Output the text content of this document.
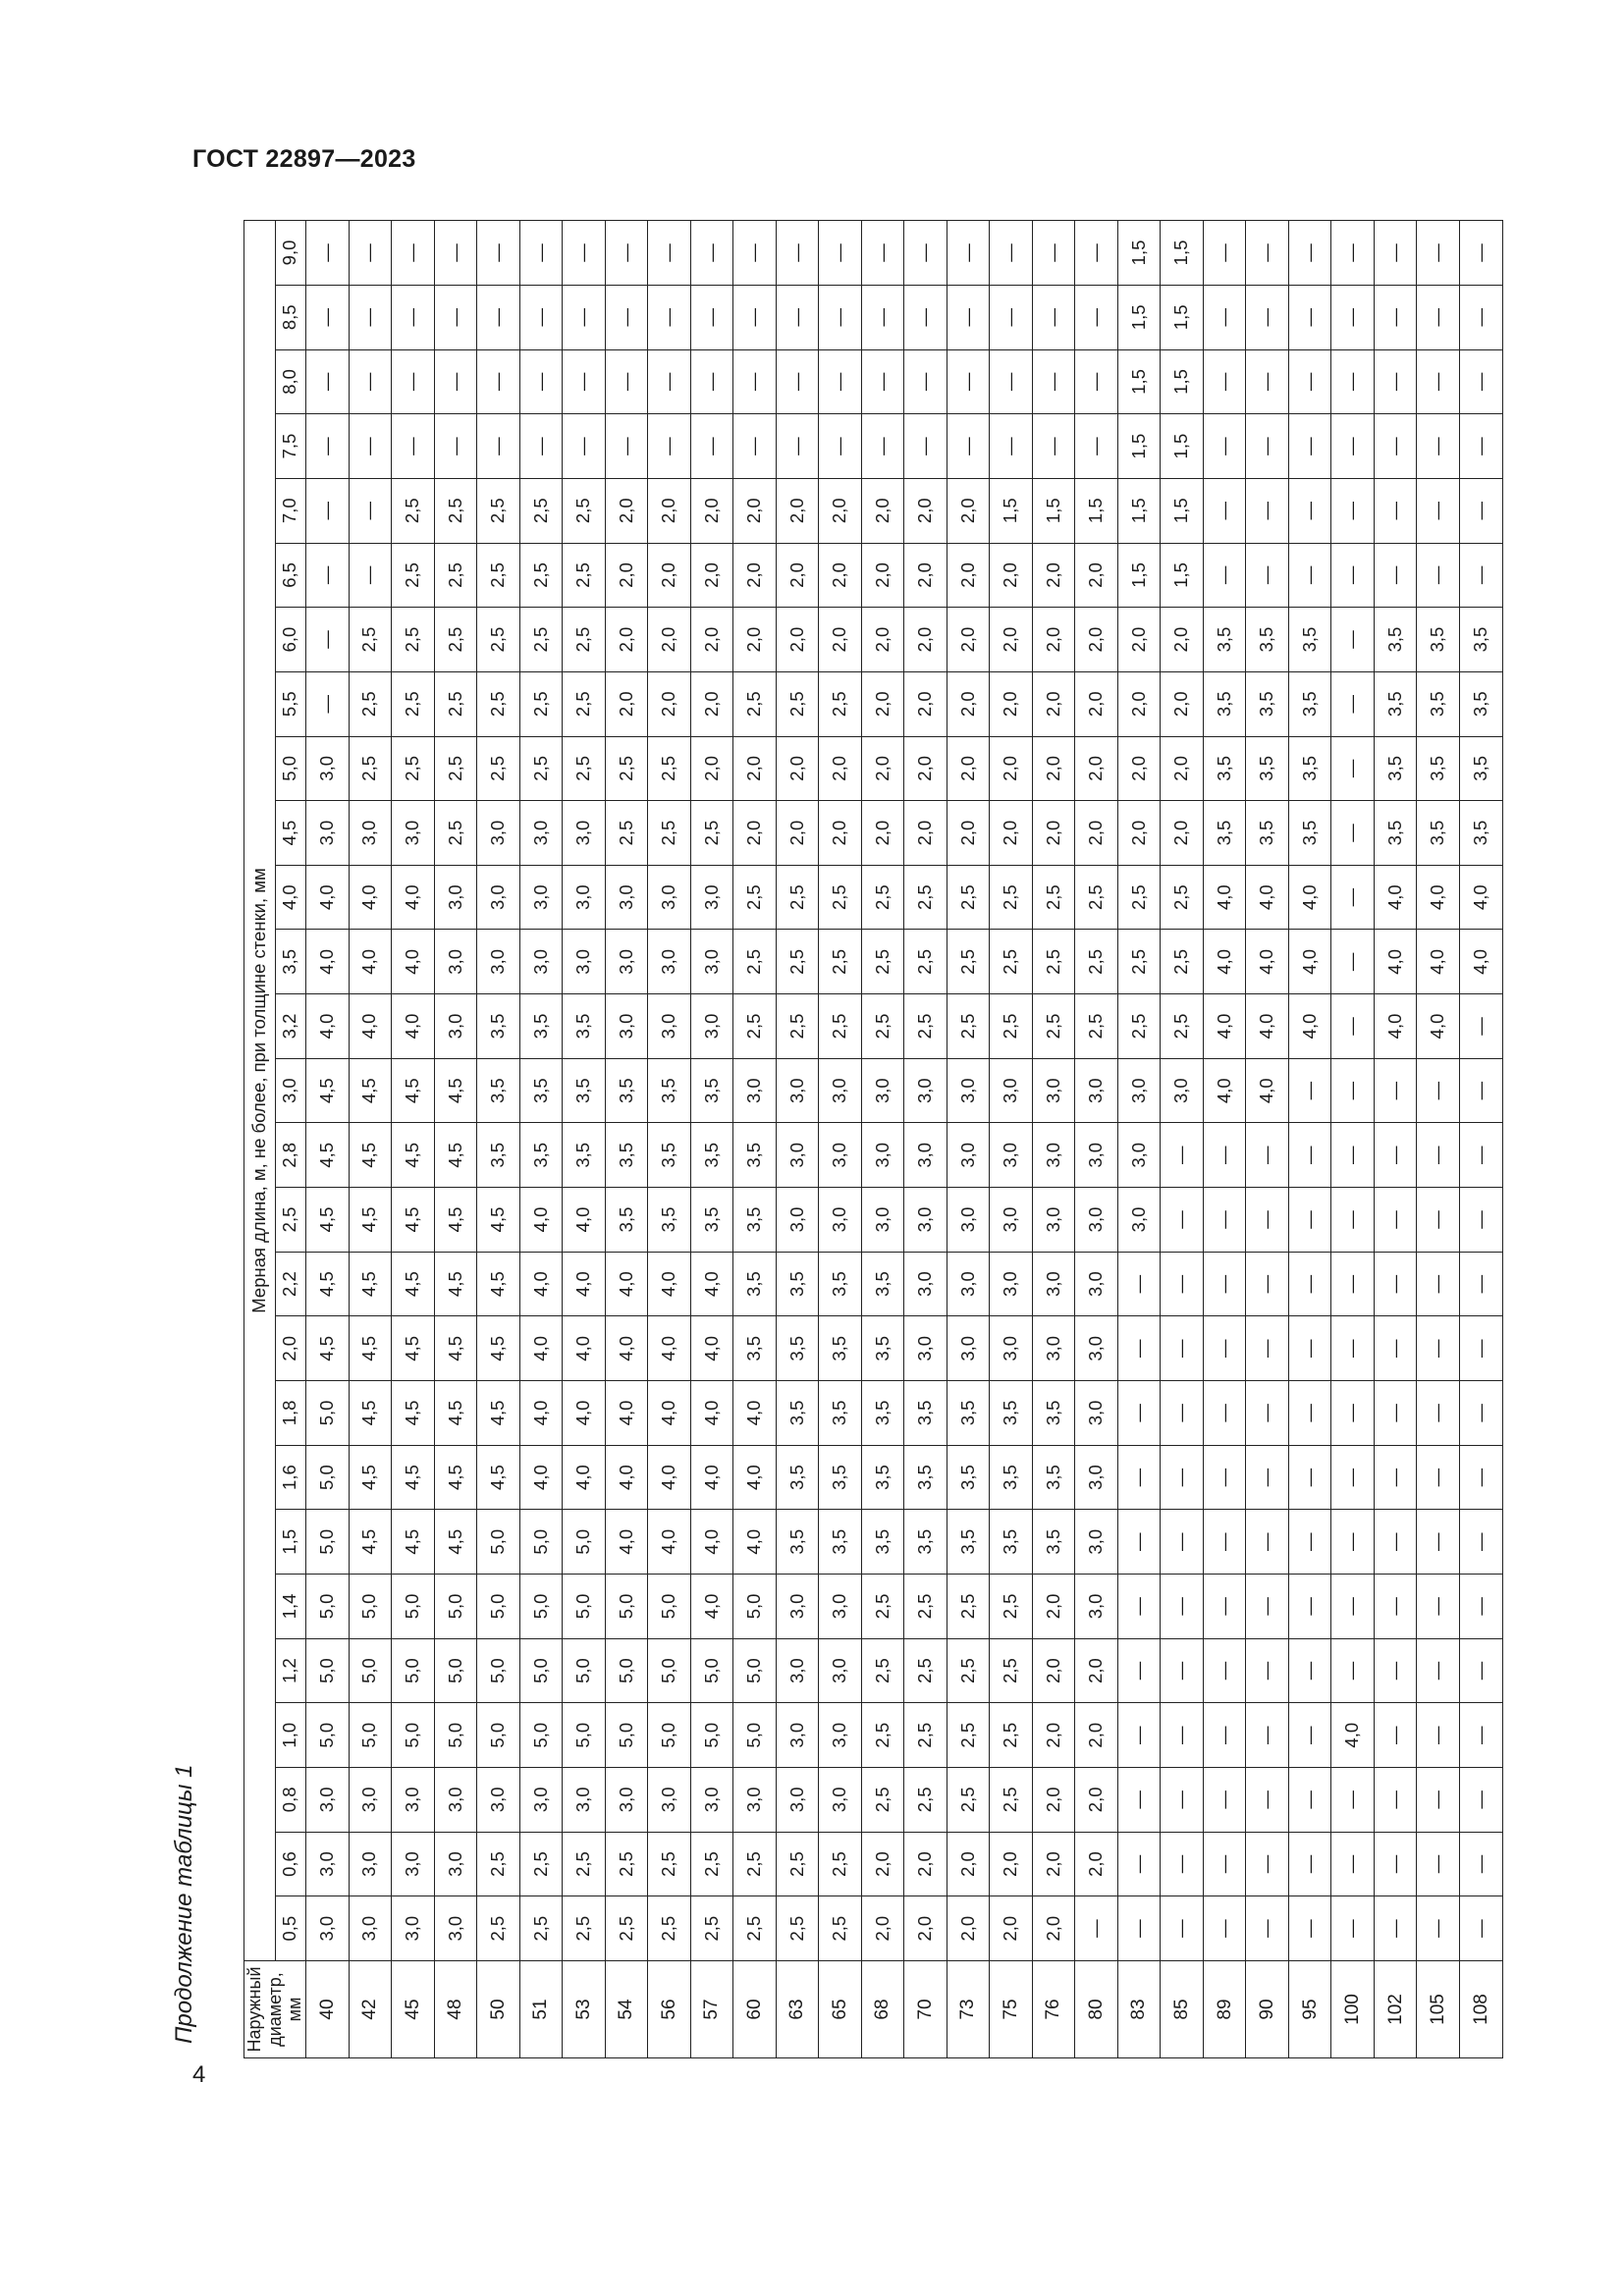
ГОСТ 22897—2023
Продолжение таблицы 1
4
Наружный диаметр, мм	Мерная длина, м, не более, при толщине стенки, мм																										
	0,5	0,6	0,8	1,0	1,2	1,4	1,5	1,6	1,8	2,0	2,2	2,5	2,8	3,0	3,2	3,5	4,0	4,5	5,0	5,5	6,0	6,5	7,0	7,5	8,0	8,5	9,0
40	3,0	3,0	3,0	5,0	5,0	5,0	5,0	5,0	5,0	4,5	4,5	4,5	4,5	4,5	4,0	4,0	4,0	3,0	3,0	—	—	—	—	—	—	—	—
42	3,0	3,0	3,0	5,0	5,0	5,0	4,5	4,5	4,5	4,5	4,5	4,5	4,5	4,5	4,0	4,0	4,0	3,0	2,5	2,5	2,5	—	—	—	—	—	—
45	3,0	3,0	3,0	5,0	5,0	5,0	4,5	4,5	4,5	4,5	4,5	4,5	4,5	4,5	4,0	4,0	4,0	3,0	2,5	2,5	2,5	2,5	2,5	—	—	—	—
48	3,0	3,0	3,0	5,0	5,0	5,0	4,5	4,5	4,5	4,5	4,5	4,5	4,5	4,5	3,0	3,0	3,0	2,5	2,5	2,5	2,5	2,5	2,5	—	—	—	—
50	2,5	2,5	3,0	5,0	5,0	5,0	5,0	4,5	4,5	4,5	4,5	4,5	3,5	3,5	3,5	3,0	3,0	3,0	2,5	2,5	2,5	2,5	2,5	—	—	—	—
51	2,5	2,5	3,0	5,0	5,0	5,0	5,0	4,0	4,0	4,0	4,0	4,0	3,5	3,5	3,5	3,0	3,0	3,0	2,5	2,5	2,5	2,5	2,5	—	—	—	—
53	2,5	2,5	3,0	5,0	5,0	5,0	5,0	4,0	4,0	4,0	4,0	4,0	3,5	3,5	3,5	3,0	3,0	3,0	2,5	2,5	2,5	2,5	2,5	—	—	—	—
54	2,5	2,5	3,0	5,0	5,0	5,0	4,0	4,0	4,0	4,0	4,0	3,5	3,5	3,5	3,0	3,0	3,0	2,5	2,5	2,0	2,0	2,0	2,0	—	—	—	—
56	2,5	2,5	3,0	5,0	5,0	5,0	4,0	4,0	4,0	4,0	4,0	3,5	3,5	3,5	3,0	3,0	3,0	2,5	2,5	2,0	2,0	2,0	2,0	—	—	—	—
57	2,5	2,5	3,0	5,0	5,0	4,0	4,0	4,0	4,0	4,0	4,0	3,5	3,5	3,5	3,0	3,0	3,0	2,5	2,0	2,0	2,0	2,0	2,0	—	—	—	—
60	2,5	2,5	3,0	5,0	5,0	5,0	4,0	4,0	4,0	3,5	3,5	3,5	3,5	3,0	2,5	2,5	2,5	2,0	2,0	2,5	2,0	2,0	2,0	—	—	—	—
63	2,5	2,5	3,0	3,0	3,0	3,0	3,5	3,5	3,5	3,5	3,5	3,0	3,0	3,0	2,5	2,5	2,5	2,0	2,0	2,5	2,0	2,0	2,0	—	—	—	—
65	2,5	2,5	3,0	3,0	3,0	3,0	3,5	3,5	3,5	3,5	3,5	3,0	3,0	3,0	2,5	2,5	2,5	2,0	2,0	2,5	2,0	2,0	2,0	—	—	—	—
68	2,0	2,0	2,5	2,5	2,5	2,5	3,5	3,5	3,5	3,5	3,5	3,0	3,0	3,0	2,5	2,5	2,5	2,0	2,0	2,0	2,0	2,0	2,0	—	—	—	—
70	2,0	2,0	2,5	2,5	2,5	2,5	3,5	3,5	3,5	3,0	3,0	3,0	3,0	3,0	2,5	2,5	2,5	2,0	2,0	2,0	2,0	2,0	2,0	—	—	—	—
73	2,0	2,0	2,5	2,5	2,5	2,5	3,5	3,5	3,5	3,0	3,0	3,0	3,0	3,0	2,5	2,5	2,5	2,0	2,0	2,0	2,0	2,0	2,0	—	—	—	—
75	2,0	2,0	2,5	2,5	2,5	2,5	3,5	3,5	3,5	3,0	3,0	3,0	3,0	3,0	2,5	2,5	2,5	2,0	2,0	2,0	2,0	2,0	1,5	—	—	—	—
76	2,0	2,0	2,0	2,0	2,0	2,0	3,5	3,5	3,5	3,0	3,0	3,0	3,0	3,0	2,5	2,5	2,5	2,0	2,0	2,0	2,0	2,0	1,5	—	—	—	—
80	—	2,0	2,0	2,0	2,0	3,0	3,0	3,0	3,0	3,0	3,0	3,0	3,0	3,0	2,5	2,5	2,5	2,0	2,0	2,0	2,0	2,0	1,5	—	—	—	—
83	—	—	—	—	—	—	—	—	—	—	—	3,0	3,0	3,0	2,5	2,5	2,5	2,0	2,0	2,0	2,0	1,5	1,5	1,5	1,5	1,5	1,5
85	—	—	—	—	—	—	—	—	—	—	—	—	—	3,0	2,5	2,5	2,5	2,0	2,0	2,0	2,0	1,5	1,5	1,5	1,5	1,5	1,5
89	—	—	—	—	—	—	—	—	—	—	—	—	—	4,0	4,0	4,0	4,0	3,5	3,5	3,5	3,5	—	—	—	—	—	—
90	—	—	—	—	—	—	—	—	—	—	—	—	—	4,0	4,0	4,0	4,0	3,5	3,5	3,5	3,5	—	—	—	—	—	—
95	—	—	—	—	—	—	—	—	—	—	—	—	—	—	4,0	4,0	4,0	3,5	3,5	3,5	3,5	—	—	—	—	—	—
100	—	—	—	4,0	—	—	—	—	—	—	—	—	—	—	—	—	—	—	—	—	—	—	—	—	—	—	—
102	—	—	—	—	—	—	—	—	—	—	—	—	—	—	4,0	4,0	4,0	3,5	3,5	3,5	3,5	—	—	—	—	—	—
105	—	—	—	—	—	—	—	—	—	—	—	—	—	—	4,0	4,0	4,0	3,5	3,5	3,5	3,5	—	—	—	—	—	—
108	—	—	—	—	—	—	—	—	—	—	—	—	—	—	—	4,0	4,0	3,5	3,5	3,5	3,5	—	—	—	—	—	—
